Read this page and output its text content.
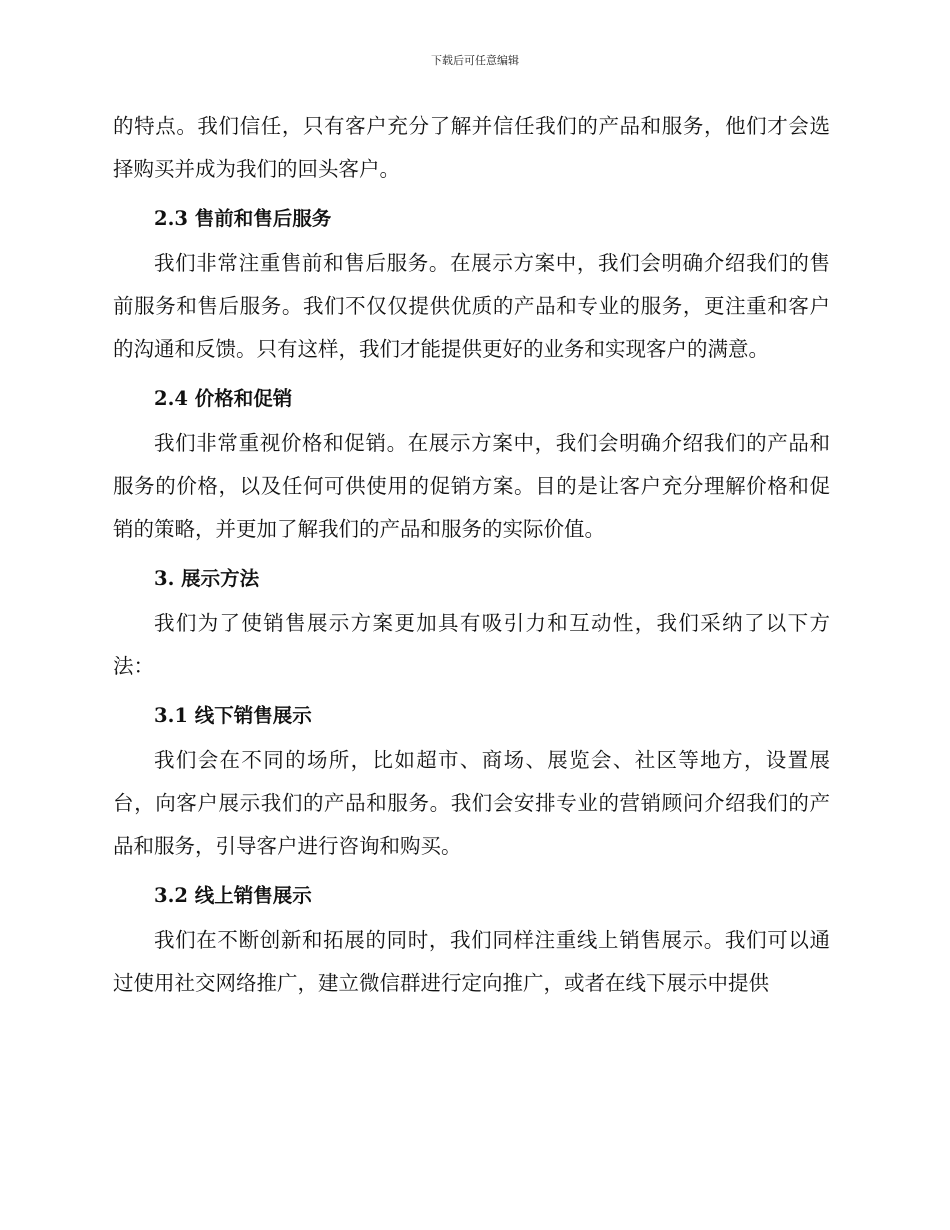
下载后可任意编辑

的特点。我们信任，只有客户充分了解并信任我们的产品和服务，他们才会选择购买并成为我们的回头客户。

2.3 售前和售后服务

我们非常注重售前和售后服务。在展示方案中，我们会明确介绍我们的售前服务和售后服务。我们不仅仅提供优质的产品和专业的服务，更注重和客户的沟通和反馈。只有这样，我们才能提供更好的业务和实现客户的满意。

2.4 价格和促销

我们非常重视价格和促销。在展示方案中，我们会明确介绍我们的产品和服务的价格，以及任何可供使用的促销方案。目的是让客户充分理解价格和促销的策略，并更加了解我们的产品和服务的实际价值。

3. 展示方法

我们为了使销售展示方案更加具有吸引力和互动性，我们采纳了以下方法：

3.1 线下销售展示

我们会在不同的场所，比如超市、商场、展览会、社区等地方，设置展台，向客户展示我们的产品和服务。我们会安排专业的营销顾问介绍我们的产品和服务，引导客户进行咨询和购买。

3.2 线上销售展示

我们在不断创新和拓展的同时，我们同样注重线上销售展示。我们可以通过使用社交网络推广，建立微信群进行定向推广，或者在线下展示中提供
